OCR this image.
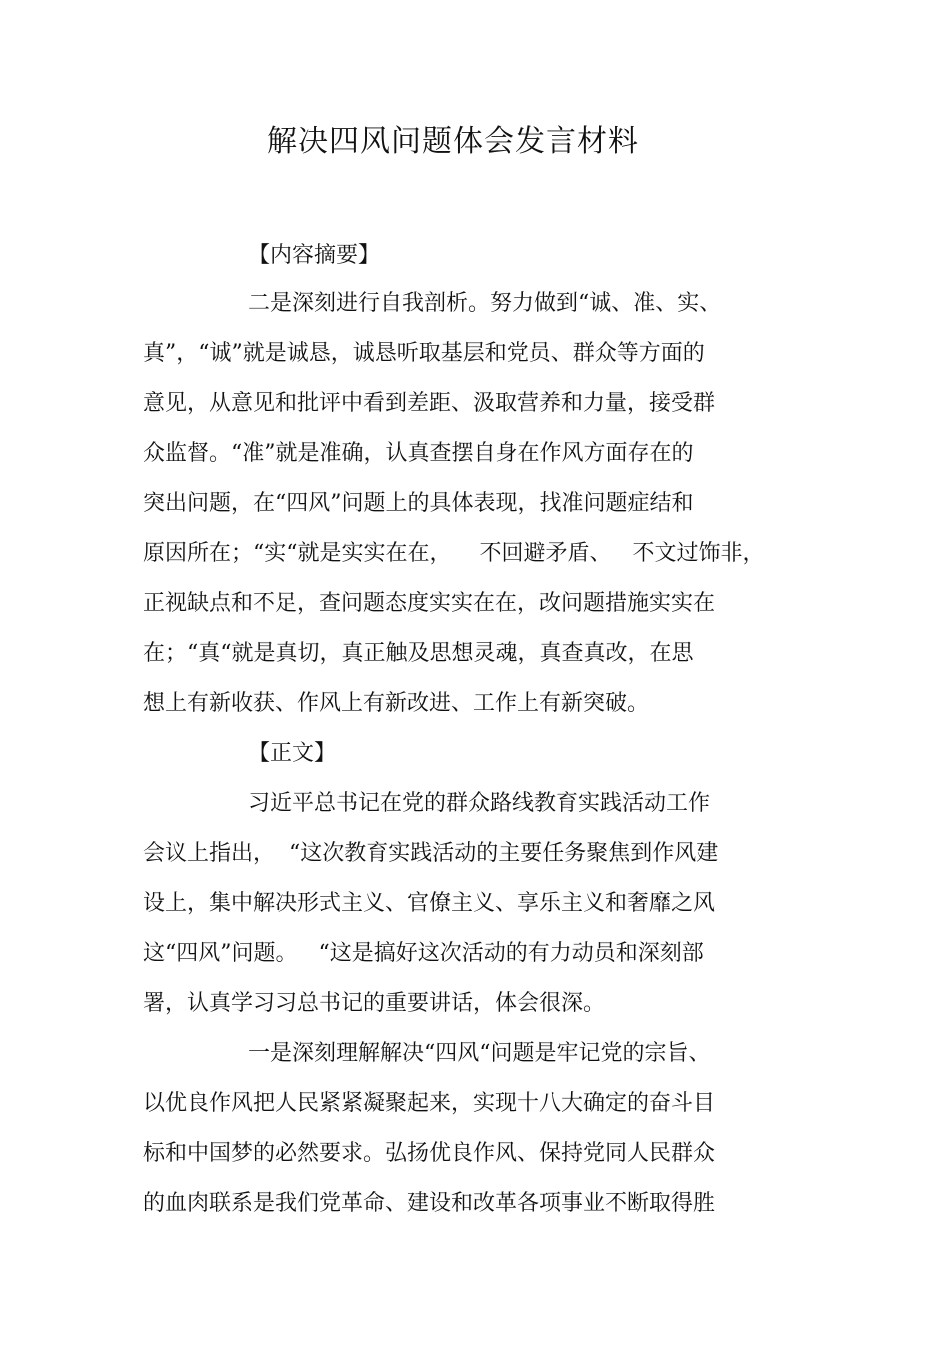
解决四风问题体会发言材料
【内容摘要】
二是深刻进行自我剖析。努力做到“诚、准、实、
真”，“诚”就是诚恳，诚恳听取基层和党员、群众等方面的
意见，从意见和批评中看到差距、汲取营养和力量，接受群
众监督。“准”就是准确，认真查摆自身在作风方面存在的
突出问题，在“四风”问题上的具体表现，找准问题症结和
原因所在；“实“就是实实在在，    不回避矛盾、   不文过饰非，
正视缺点和不足，查问题态度实实在在，改问题措施实实在
在；“真“就是真切，真正触及思想灵魂，真查真改，在思
想上有新收获、作风上有新改进、工作上有新突破。
【正文】
习近平总书记在党的群众路线教育实践活动工作
会议上指出，  “这次教育实践活动的主要任务聚焦到作风建
设上，集中解决形式主义、官僚主义、享乐主义和奢靡之风
这“四风”问题。   “这是搞好这次活动的有力动员和深刻部
署，认真学习习总书记的重要讲话，体会很深。
一是深刻理解解决“四风“问题是牢记党的宗旨、
以优良作风把人民紧紧凝聚起来，实现十八大确定的奋斗目
标和中国梦的必然要求。弘扬优良作风、保持党同人民群众
的血肉联系是我们党革命、建设和改革各项事业不断取得胜
